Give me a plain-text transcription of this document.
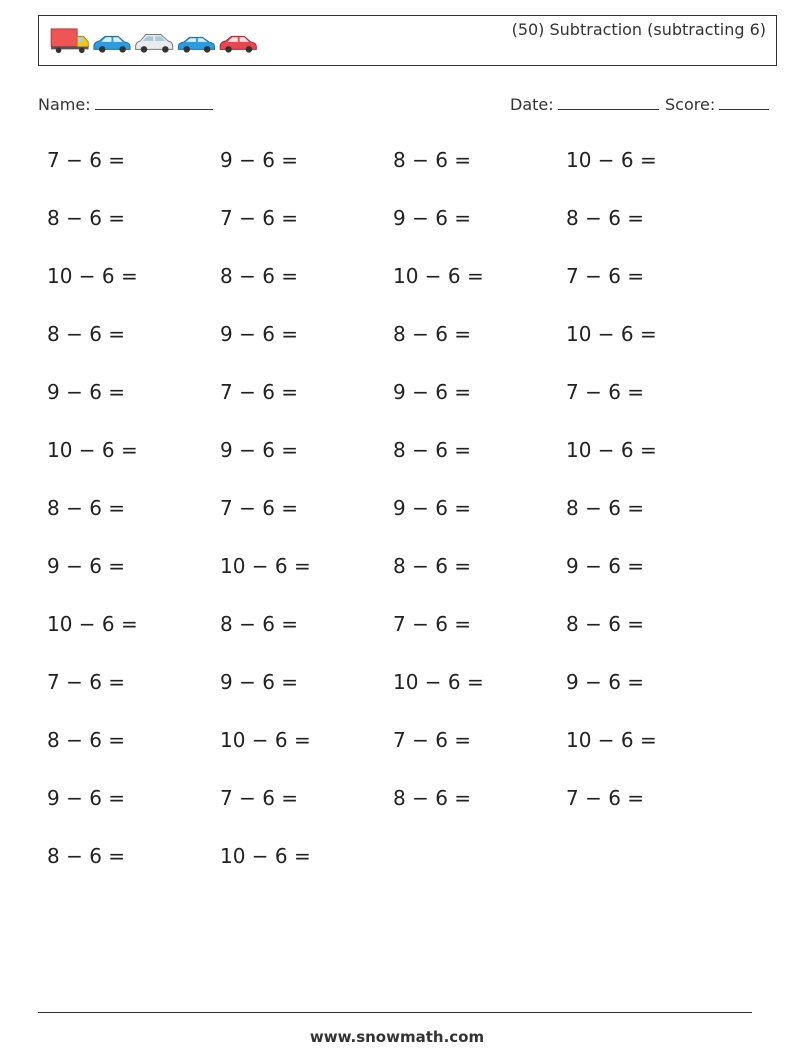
(50) Subtraction (subtracting 6)
Name:	Date:	Score:
7 − 6 =	9 − 6 =	8 − 6 =	10 − 6 =
8 − 6 =	7 − 6 =	9 − 6 =	8 − 6 =
10 − 6 =	8 − 6 =	10 − 6 =	7 − 6 =
8 − 6 =	9 − 6 =	8 − 6 =	10 − 6 =
9 − 6 =	7 − 6 =	9 − 6 =	7 − 6 =
10 − 6 =	9 − 6 =	8 − 6 =	10 − 6 =
8 − 6 =	7 − 6 =	9 − 6 =	8 − 6 =
9 − 6 =	10 − 6 =	8 − 6 =	9 − 6 =
10 − 6 =	8 − 6 =	7 − 6 =	8 − 6 =
7 − 6 =	9 − 6 =	10 − 6 =	9 − 6 =
8 − 6 =	10 − 6 =	7 − 6 =	10 − 6 =
9 − 6 =	7 − 6 =	8 − 6 =	7 − 6 =
8 − 6 =	10 − 6 =
www.snowmath.com
